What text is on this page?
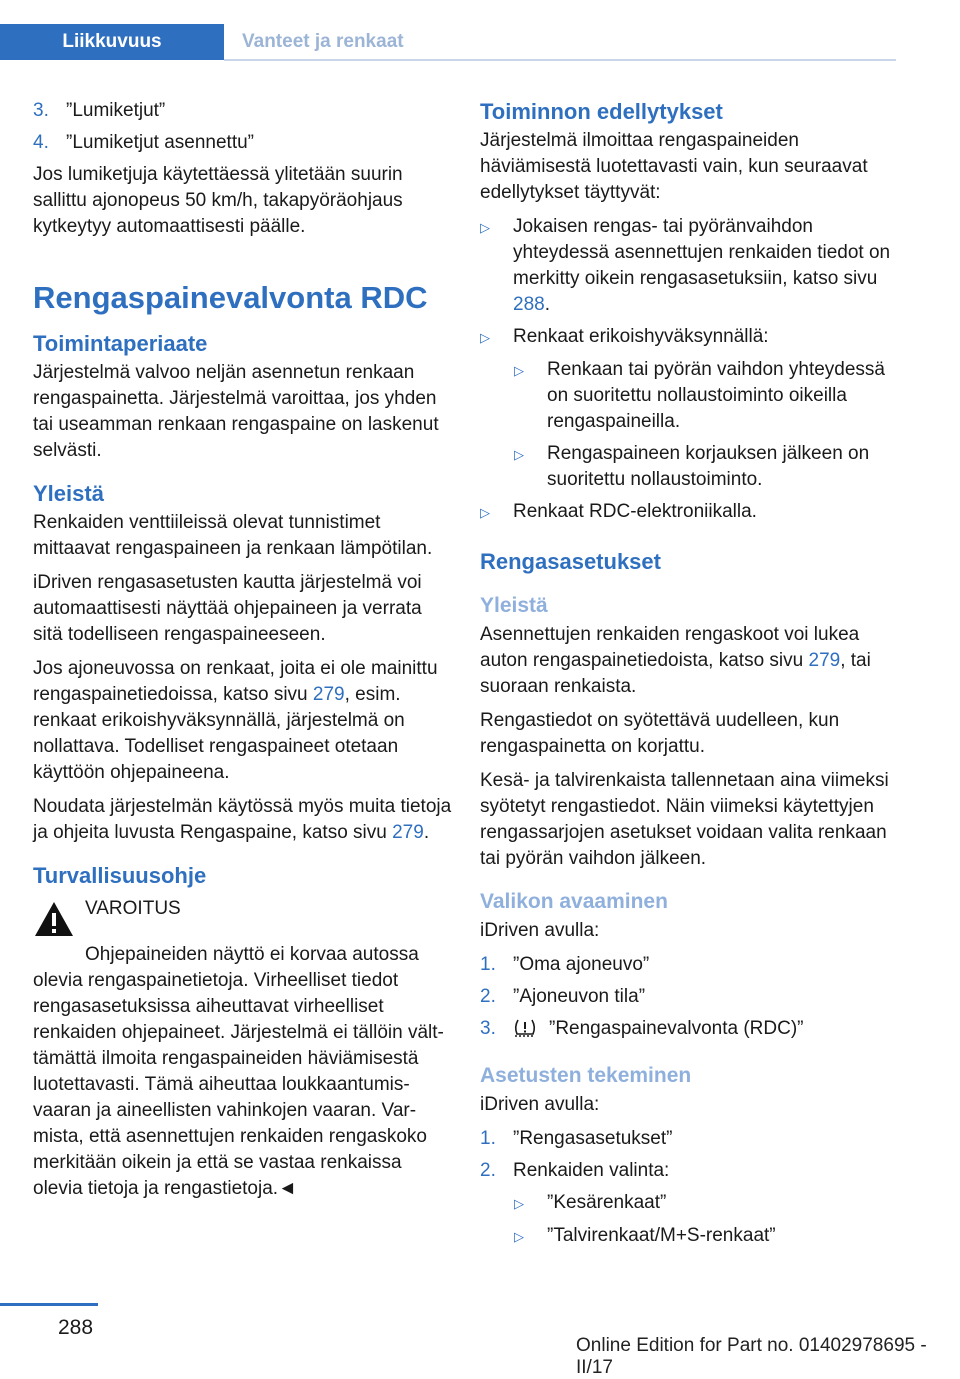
Liikkuvuus	Vanteet ja renkaat
3. ”Lumiketjut”
4. ”Lumiketjut asennettu”

Jos lumiketjuja käytettäessä ylitetään suurin sallittu ajonopeus 50 km/h, takapyöräohjaus kytkeytyy automaattisesti päälle.

Rengaspainevalvonta RDC
Toimintaperiaate

Järjestelmä valvoo neljän asennetun renkaan rengaspainetta. Järjestelmä varoittaa, jos yhden tai useamman renkaan rengaspaine on laskenut selvästi.

Yleistä

Renkaiden venttiileissä olevat tunnistimet mittaavat rengaspaineen ja renkaan lämpötilan.

iDriven rengasasetusten kautta järjestelmä voi automaattisesti näyttää ohjepaineen ja verrata sitä todelliseen rengaspaineeseen.

Jos ajoneuvossa on renkaat, joita ei ole mainittu rengaspainetiedoissa, katso sivu 279, esim. renkaat erikoishyväksynnällä, järjestelmä on nollattava. Todelliset rengaspaineet otetaan käyttöön ohjepaineena.

Noudata järjestelmän käytössä myös muita tietoja ja ohjeita luvusta Rengaspaine, katso sivu 279.

Turvallisuusohje
VAROITUS

Ohjepaineiden näyttö ei korvaa autossa olevia rengaspainetietoja. Virheelliset tiedot rengasasetuksissa aiheuttavat virheelliset renkaiden ohjepaineet. Järjestelmä ei tällöin välttämättä ilmoita rengaspaineiden häviämisestä luotettavasti. Tämä aiheuttaa loukkaantumisvaaran ja aineellisten vahinkojen vaaran. Varmista, että asennettujen renkaiden rengaskoko merkitään oikein ja että se vastaa renkaissa olevia tietoja ja rengastietoja.◄

Toiminnon edellytykset

Järjestelmä ilmoittaa rengaspaineiden häviämisestä luotettavasti vain, kun seuraavat edellytykset täyttyvät:

▷	Jokaisen rengas- tai pyöränvaihdon yhteydessä asennettujen renkaiden tiedot on merkitty oikein rengasasetuksiin, katso sivu 288.
▷	Renkaat erikoishyväksynnällä:
▷	Renkaan tai pyörän vaihdon yhteydessä on suoritettu nollaustoiminto oikeilla rengaspaineilla.
▷	Rengaspaineen korjauksen jälkeen on suoritettu nollaustoiminto.
▷	Renkaat RDC-elektroniikalla.
Rengasasetukset
Yleistä

Asennettujen renkaiden rengaskoot voi lukea auton rengaspainetiedoista, katso sivu 279, tai suoraan renkaista.

Rengastiedot on syötettävä uudelleen, kun rengaspainetta on korjattu.

Kesä- ja talvirenkaista tallennetaan aina viimeksi syötetyt rengastiedot. Näin viimeksi käytettyjen rengassarjojen asetukset voidaan valita renkaan tai pyörän vaihdon jälkeen.

Valikon avaaminen

iDriven avulla:

1. ”Oma ajoneuvo”
2. ”Ajoneuvon tila”
3.	”Rengaspainevalvonta (RDC)”
Asetusten tekeminen

iDriven avulla:

1. ”Rengasasetukset”
2. Renkaiden valinta:
▷	”Kesärenkaat”
▷	”Talvirenkaat/M+S-renkaat”
288
Online Edition for Part no. 01402978695 - II/17
